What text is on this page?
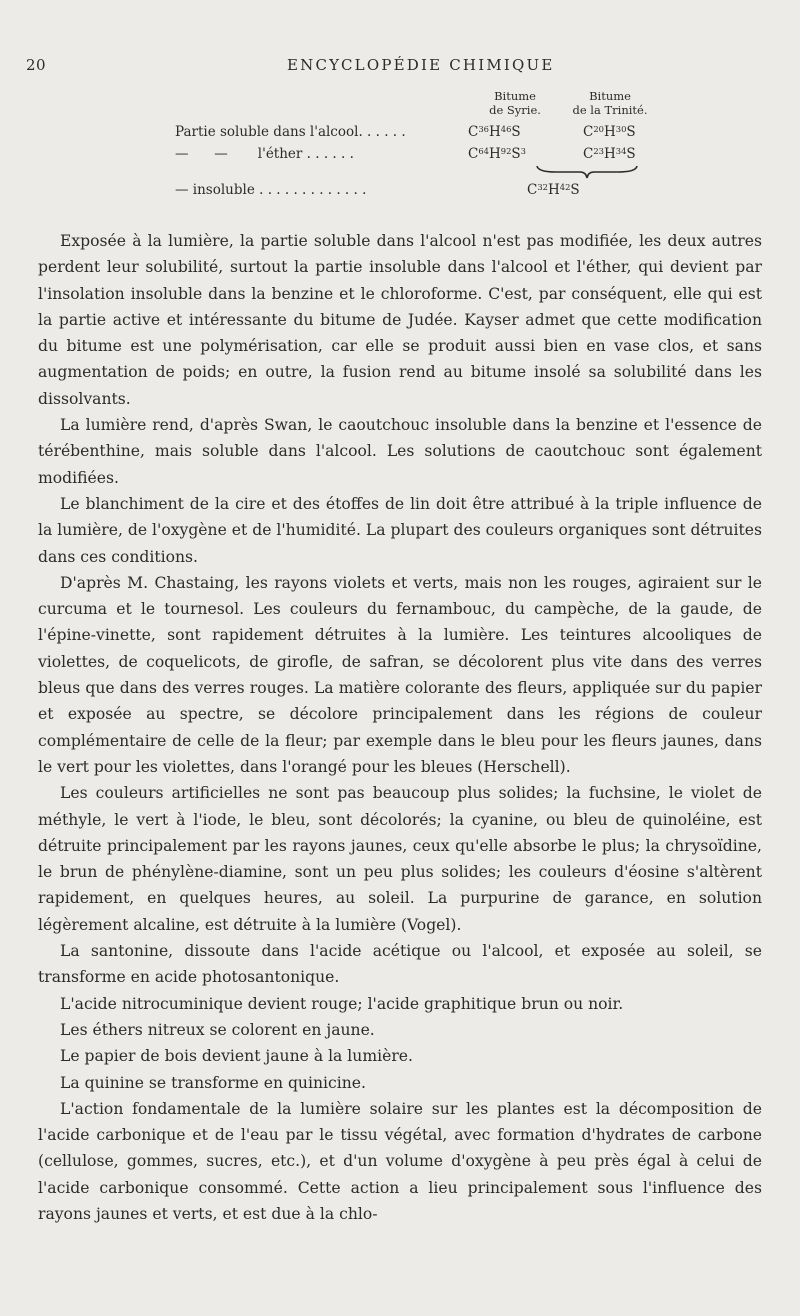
20	ENCYCLOPÉDIE CHIMIQUE
Bitume
de Syrie.
Bitume
de la Trinité.
Partie soluble dans l'alcool. . . . . .	$C^{36}H^{46}S$	$C^{20}H^{30}S$
—      —       l'éther . . . . . .	$C^{64}H^{92}S^3$	$C^{23}H^{34}S$
— insoluble . . . . . . . . . . . . .	$C^{32}H^{42}S$

Exposée à la lumière, la partie soluble dans l'alcool n'est pas modifiée, les deux autres perdent leur solubilité, surtout la partie insoluble dans l'alcool et l'éther, qui devient par l'insolation insoluble dans la benzine et le chloroforme. C'est, par conséquent, elle qui est la partie active et intéressante du bitume de Judée. Kayser admet que cette modification du bitume est une polymérisation, car elle se produit aussi bien en vase clos, et sans augmentation de poids; en outre, la fusion rend au bitume insolé sa solubilité dans les dissolvants.

La lumière rend, d'après Swan, le caoutchouc insoluble dans la benzine et l'essence de térébenthine, mais soluble dans l'alcool. Les solutions de caoutchouc sont également modifiées.

Le blanchiment de la cire et des étoffes de lin doit être attribué à la triple influence de la lumière, de l'oxygène et de l'humidité. La plupart des couleurs organiques sont détruites dans ces conditions.

D'après M. Chastaing, les rayons violets et verts, mais non les rouges, agiraient sur le curcuma et le tournesol. Les couleurs du fernambouc, du campèche, de la gaude, de l'épine-vinette, sont rapidement détruites à la lumière. Les teintures alcooliques de violettes, de coquelicots, de girofle, de safran, se décolorent plus vite dans des verres bleus que dans des verres rouges. La matière colorante des fleurs, appliquée sur du papier et exposée au spectre, se décolore principalement dans les régions de couleur complémentaire de celle de la fleur; par exemple dans le bleu pour les fleurs jaunes, dans le vert pour les violettes, dans l'orangé pour les bleues (Herschell).

Les couleurs artificielles ne sont pas beaucoup plus solides; la fuchsine, le violet de méthyle, le vert à l'iode, le bleu, sont décolorés; la cyanine, ou bleu de quinoléine, est détruite principalement par les rayons jaunes, ceux qu'elle absorbe le plus; la chrysoïdine, le brun de phénylène-diamine, sont un peu plus solides; les couleurs d'éosine s'altèrent rapidement, en quelques heures, au soleil. La purpurine de garance, en solution légèrement alcaline, est détruite à la lumière (Vogel).

La santonine, dissoute dans l'acide acétique ou l'alcool, et exposée au soleil, se transforme en acide photosantonique.

L'acide nitrocuminique devient rouge; l'acide graphitique brun ou noir.

Les éthers nitreux se colorent en jaune.

Le papier de bois devient jaune à la lumière.

La quinine se transforme en quinicine.

L'action fondamentale de la lumière solaire sur les plantes est la décomposition de l'acide carbonique et de l'eau par le tissu végétal, avec formation d'hydrates de carbone (cellulose, gommes, sucres, etc.), et d'un volume d'oxygène à peu près égal à celui de l'acide carbonique consommé. Cette action a lieu principalement sous l'influence des rayons jaunes et verts, et est due à la chlo-
